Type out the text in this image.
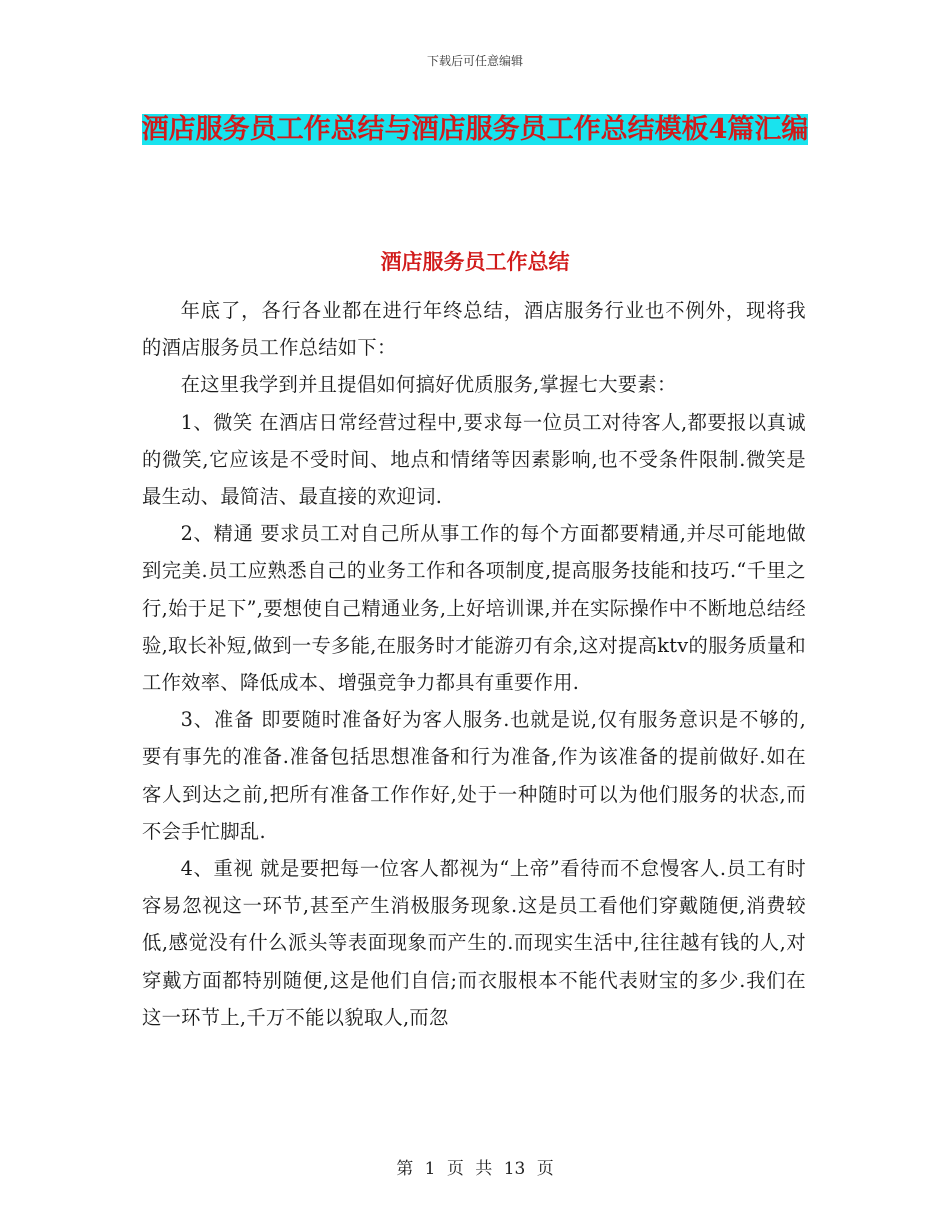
下载后可任意编辑
酒店服务员工作总结与酒店服务员工作总结模板4篇汇编
酒店服务员工作总结

年底了，各行各业都在进行年终总结，酒店服务行业也不例外，现将我的酒店服务员工作总结如下：

在这里我学到并且提倡如何搞好优质服务,掌握七大要素：

1、微笑 在酒店日常经营过程中,要求每一位员工对待客人,都要报以真诚的微笑,它应该是不受时间、地点和情绪等因素影响,也不受条件限制.微笑是最生动、最简洁、最直接的欢迎词.

2、精通 要求员工对自己所从事工作的每个方面都要精通,并尽可能地做到完美.员工应熟悉自己的业务工作和各项制度,提高服务技能和技巧.“千里之行,始于足下”,要想使自己精通业务,上好培训课,并在实际操作中不断地总结经验,取长补短,做到一专多能,在服务时才能游刃有余,这对提高ktv的服务质量和工作效率、降低成本、增强竞争力都具有重要作用.

3、准备 即要随时准备好为客人服务.也就是说,仅有服务意识是不够的,要有事先的准备.准备包括思想准备和行为准备,作为该准备的提前做好.如在客人到达之前,把所有准备工作作好,处于一种随时可以为他们服务的状态,而不会手忙脚乱.

4、重视 就是要把每一位客人都视为“上帝”看待而不怠慢客人.员工有时容易忽视这一环节,甚至产生消极服务现象.这是员工看他们穿戴随便,消费较低,感觉没有什么派头等表面现象而产生的.而现实生活中,往往越有钱的人,对穿戴方面都特别随便,这是他们自信;而衣服根本不能代表财宝的多少.我们在这一环节上,千万不能以貌取人,而忽

第 1 页 共 13 页
